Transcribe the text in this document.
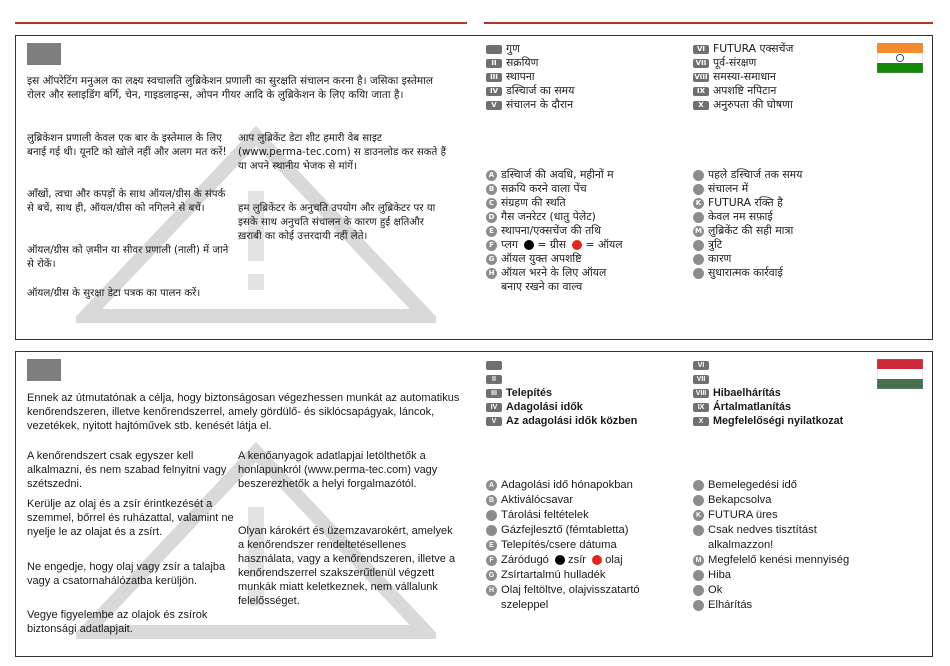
इस ऑपरेटिंग मनुअल का लक्ष्य स्वचालति लुब्रिकेशन प्रणाली का सुरक्षति संचालन करना है। जसिका इस्तेमाल रोलर और स्लाइडिंग बर्गि, चेन, गाइडलाइन्स, ओपन गीयर आदि के लुब्रिकेशन के लिए कयिा जाता है।
लुब्रिकेशन प्रणाली केवल एक बार के इस्तेमाल के लिए बनाई गई थी। यूनटि को खोले नहीं और अलग मत करें!
आँखों, त्वचा और कपड़ों के साथ ऑयल/ग्रीस के संपर्क से बचें, साथ ही, ऑयल/ग्रीस को नगिलने से बचें।
ऑयल/ग्रीस को ज़मीन या सीवर प्रणाली (नाली) में जाने से रोकें।
ऑयल/ग्रीस के सुरक्षा डेटा पत्रक का पालन करें।
आप लुब्रिकेंट डेटा शीट हमारी वेब साइट (www.perma-tec.com) स डाउनलोड कर सकते हैं या अपने स्थानीय भेजक से मांगें।
हम लुब्रिकेंटर के अनुचति उपयोग और लुब्रिकेटर पर या इसके साथ अनुचति संचालन के कारण हुई क्षतिऔर ख़राबी का कोई उत्तरदायी नहीं लेते।
गुण
II सक्रयिण
III स्थापना
IV डस्चिार्ज का समय
V संचालन के दौरान
VI FUTURA एक्सचेंज
VII पूर्व-संरक्षण
VIII समस्या-समाधान
IX अपशष्टि नपिटान
X अनुरुपता की घोषणा
A डस्चिार्ज की अवधि, महीनों म
B सक्रयि करने वाला पेंच
C संग्रहण की स्थति
D गैस जनरेटर (धातु पेलेट)
E स्थापना/एक्सचेंज की तथि
F प्लग = ग्रीस = ऑयल
G ऑयल युक्त अपशष्टि
H ऑयल भरने के लिए ऑयल
बनाए रखने का वाल्व
पहले डस्चिार्ज तक समय
संचालन में
K FUTURA रक्ति है
केवल नम सफ़ाई
M लुब्रिकेंट की सही मात्रा
त्रुटि
कारण
सुधारात्मक कार्रवाई
Ennek az útmutatónak a célja, hogy biztonságosan végezhessen munkát az automatikus kenőrendszeren, illetve kenőrendszerrel, amely gördülő- és siklócsapágyak, láncok, vezetékek, nyitott hajtóművek stb. kenését látja el.
A kenőrendszert csak egyszer kell alkalmazni, és nem szabad felnyitni vagy szétszedni.
Kerülje az olaj és a zsír érintkezését a szemmel, bőrrel és ruházattal, valamint ne nyelje le az olajat és a zsírt.
Ne engedje, hogy olaj vagy zsír a talajba vagy a csatornahálózatba kerüljön.
Vegye figyelembe az olajok és zsírok biztonsági adatlapjait.
A kenőanyagok adatlapjai letölthetők a honlapunkról (www.perma-tec.com) vagy beszerezhetők a helyi forgalmazótól.
Olyan károkért és üzemzavarokért, amelyek a kenőrendszer rendeltetésellenes használata, vagy a kenőrendszeren, illetve a kenőrendszerrel szakszerűtlenül végzett munkák miatt keletkeznek, nem vállalunk felelősséget.
II
III Telepítés
IV Adagolási idők
V Az adagolási idők közben
VI
VII
VIII Hibaelhárítás
IX Ártalmatlanítás
X Megfelelőségi nyilatkozat
A Adagolási idő hónapokban
B Aktiválócsavar
Tárolási feltételek
Gázfejlesztő (fémtabletta)
E Telepítés/csere dátuma
F Záródugó zsír olaj
G Zsírtartalmú hulladék
H Olaj feltöltve, olajvisszatartó
szeleppel
Bemelegedési idő
Bekapcsolva
K FUTURA üres
Csak nedves tisztítást
alkalmazzon!
M Megfelelő kenési mennyiség
Hiba
Ok
Elhárítás
